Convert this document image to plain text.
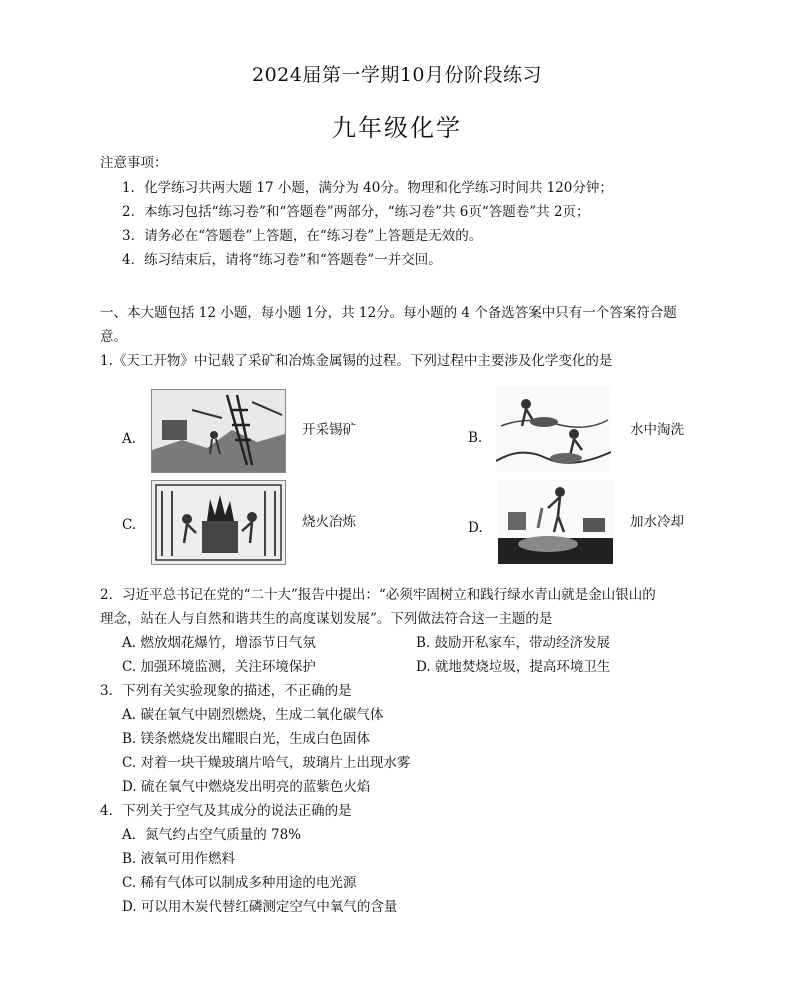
2024届第一学期10月份阶段练习
九年级化学
注意事项：
1．化学练习共两大题 17 小题，满分为 40分。物理和化学练习时间共 120分钟；
2．本练习包括“练习卷”和“答题卷”两部分，“练习卷”共 6页“答题卷”共 2页；
3．请务必在“答题卷”上答题，在“练习卷”上答题是无效的。
4．练习结束后，请将“练习卷”和“答题卷”一并交回。
一、本大题包括 12 小题，每小题 1分，共 12分。每小题的 4 个备选答案中只有一个答案符合题
意。
1.《天工开物》中记载了采矿和冶炼金属锡的过程。下列过程中主要涉及化学变化的是
A.
开采锡矿	B.	水中淘洗
C.	烧火冶炼	D.	加水冷却
2．习近平总书记在党的“二十大”报告中提出：“必须牢固树立和践行绿水青山就是金山银山的
理念，站在人与自然和谐共生的高度谋划发展”。下列做法符合这一主题的是
A. 燃放烟花爆竹，增添节日气氛	B. 鼓励开私家车，带动经济发展
C. 加强环境监测，关注环境保护	D. 就地焚烧垃圾，提高环境卫生
3．下列有关实验现象的描述，不正确的是
A. 碳在氧气中剧烈燃烧，生成二氧化碳气体
B. 镁条燃烧发出耀眼白光，生成白色固体
C. 对着一块干燥玻璃片哈气，玻璃片上出现水雾
D. 硫在氧气中燃烧发出明亮的蓝紫色火焰
4．下列关于空气及其成分的说法正确的是
A．氮气约占空气质量的 78%
B. 液氧可用作燃料
C. 稀有气体可以制成多种用途的电光源
D. 可以用木炭代替红磷测定空气中氧气的含量
